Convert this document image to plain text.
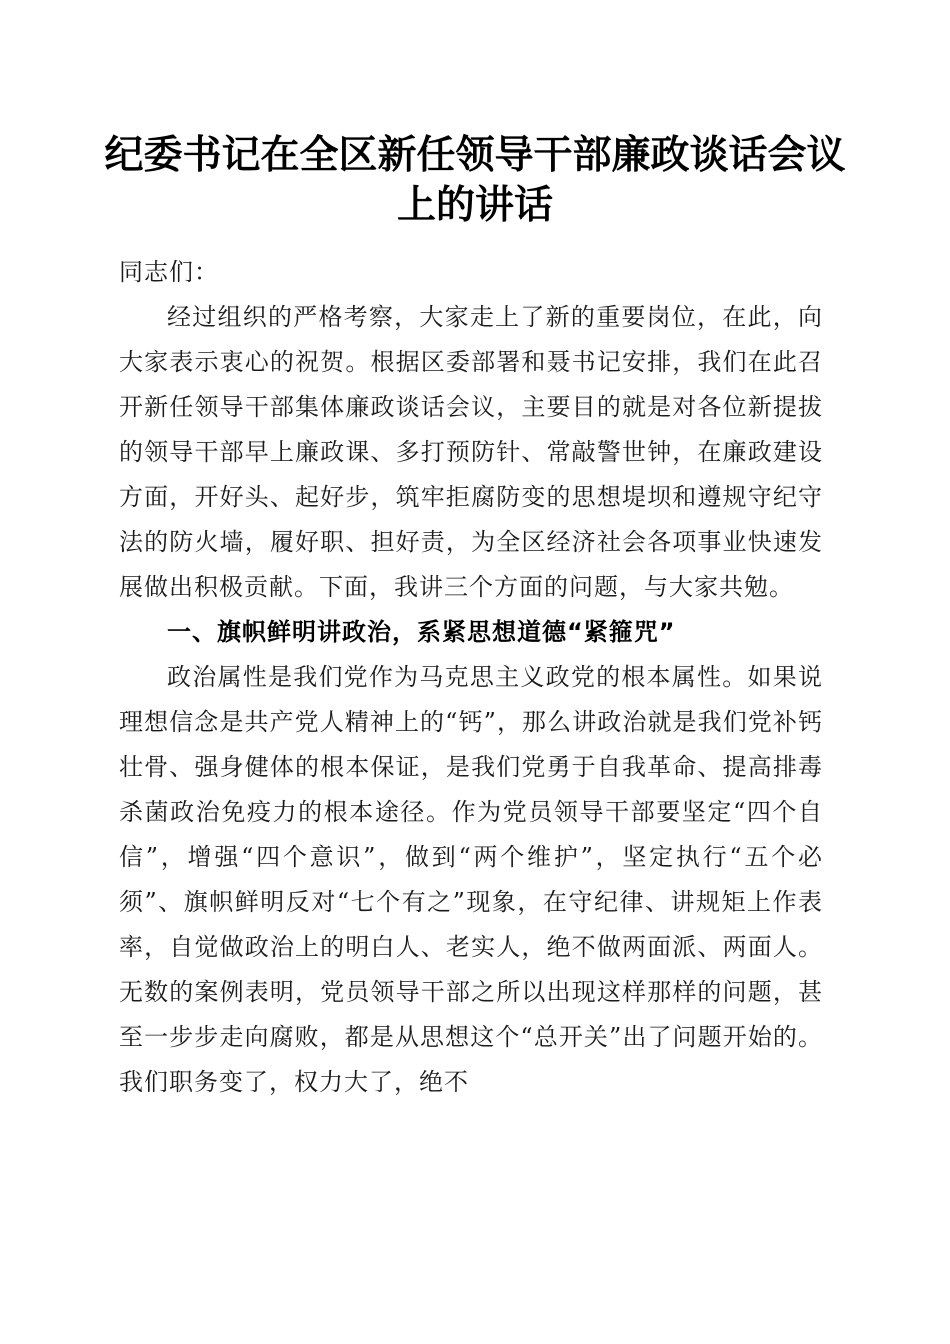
纪委书记在全区新任领导干部廉政谈话会议上的讲话

同志们：

经过组织的严格考察，大家走上了新的重要岗位，在此，向大家表示衷心的祝贺。根据区委部署和聂书记安排，我们在此召开新任领导干部集体廉政谈话会议，主要目的就是对各位新提拔的领导干部早上廉政课、多打预防针、常敲警世钟，在廉政建设方面，开好头、起好步，筑牢拒腐防变的思想堤坝和遵规守纪守法的防火墙，履好职、担好责，为全区经济社会各项事业快速发展做出积极贡献。下面，我讲三个方面的问题，与大家共勉。

一、旗帜鲜明讲政治，系紧思想道德“紧箍咒”

政治属性是我们党作为马克思主义政党的根本属性。如果说理想信念是共产党人精神上的“钙”，那么讲政治就是我们党补钙壮骨、强身健体的根本保证，是我们党勇于自我革命、提高排毒杀菌政治免疫力的根本途径。作为党员领导干部要坚定“四个自信”，增强“四个意识”，做到“两个维护”，坚定执行“五个必须”、旗帜鲜明反对“七个有之”现象，在守纪律、讲规矩上作表率，自觉做政治上的明白人、老实人，绝不做两面派、两面人。无数的案例表明，党员领导干部之所以出现这样那样的问题，甚至一步步走向腐败，都是从思想这个“总开关”出了问题开始的。我们职务变了，权力大了，绝不
